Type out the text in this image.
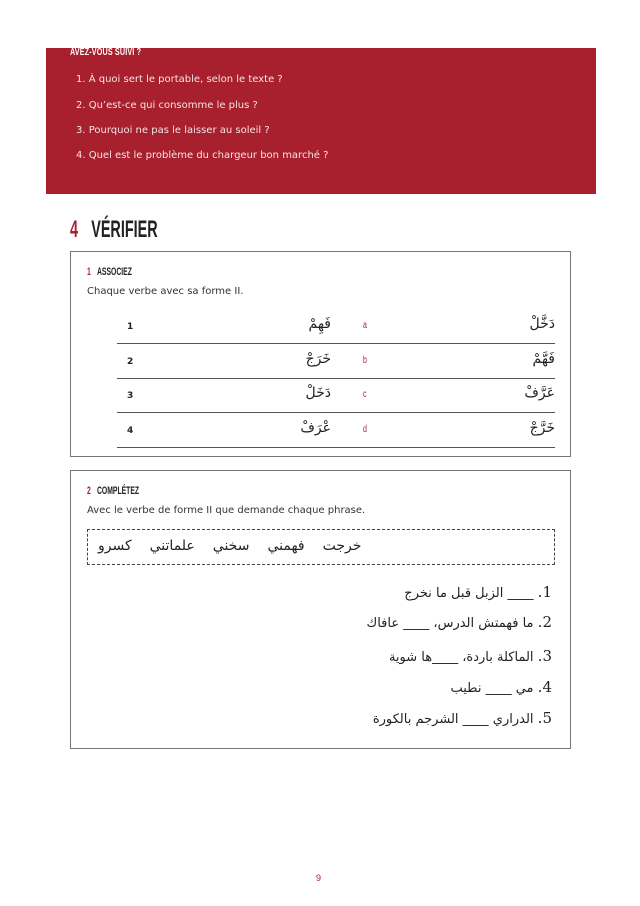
AVEZ-VOUS SUIVI ?
1. À quoi sert le portable, selon le texte ?
2. Qu’est-ce qui consomme le plus ?
3. Pourquoi ne pas le laisser au soleil ?
4. Quel est le problème du chargeur bon marché ?
4 VÉRIFIER
1 ASSOCIEZ
Chaque verbe avec sa forme II.
1	فَهِمْ	a	دَخَّلْ
2	خَرَجْ	b	فَهَّمْ
3	دَخَلْ	c	عَرَّفْ
4	عْرَفْ	d	خَرَّجْ
2 COMPLÉTEZ
Avec le verbe de forme II que demande chaque phrase.
خرجت
فهمني
سخني
علماتني
كسرو
1. ____ الزبل قبل ما نخرج
2. ما فهمتش الدرس، ____ عافاك
3. الماكلة باردة، ____ها شوية
4. مي ____ نطيب
5. الدراري ____ الشرجم بالكورة
9
